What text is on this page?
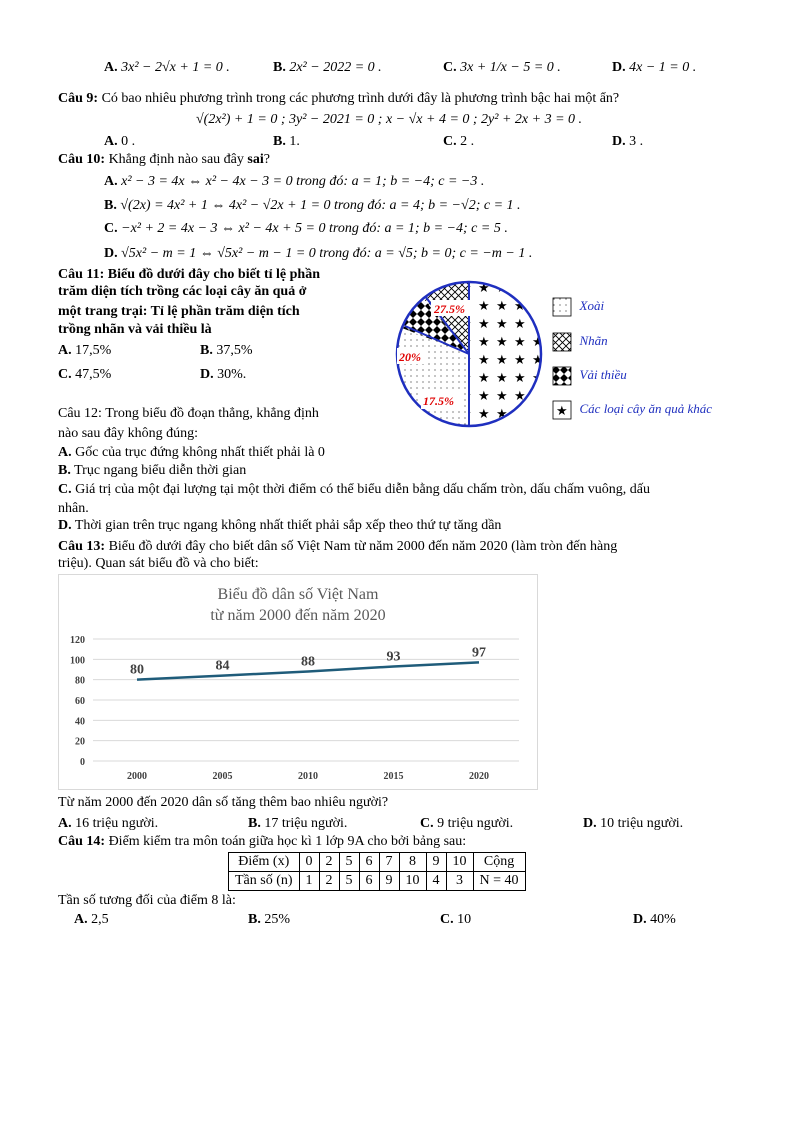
A. 3x² − 2√x + 1 = 0 .	B. 2x² − 2022 = 0 .	C. 3x + 1/x − 5 = 0 .	D. 4x − 1 = 0 .
Câu 9: Có bao nhiêu phương trình trong các phương trình dưới đây là phương trình bậc hai một ẩn?
√(2x²) + 1 = 0 ; 3y² − 2021 = 0 ; x − √x + 4 = 0 ; 2y² + 2x + 3 = 0 .
A. 0 .	B. 1.	C. 2 .	D. 3 .
Câu 10: Khẳng định nào sau đây sai?
A. x² − 3 = 4x ⇔ x² − 4x − 3 = 0 trong đó: a = 1; b = −4; c = −3 .
B. √(2x) = 4x² + 1 ⇔ 4x² − √2x + 1 = 0 trong đó: a = 4; b = −√2; c = 1 .
C. −x² + 2 = 4x − 3 ⇔ x² − 4x + 5 = 0 trong đó: a = 1; b = −4; c = 5 .
D. √5x² − m = 1 ⇔ √5x² − m − 1 = 0 trong đó: a = √5; b = 0; c = −m − 1 .
Câu 11: Biểu đồ dưới đây cho biết tỉ lệ phần
trăm diện tích trồng các loại cây ăn quả ở
một trang trại: Tỉ lệ phần trăm diện tích
trồng nhãn và vải thiều là
A. 17,5%	B. 37,5%
C. 47,5%	D. 30%.
27.5%
20%
17.5%
Xoài
Nhãn
Vải thiều
★ Các loại cây ăn quả khác
Câu 12: Trong biểu đồ đoạn thẳng, khẳng định
nào sau đây không đúng:
A. Gốc của trục đứng không nhất thiết phải là 0
B. Trục ngang biểu diễn thời gian
C. Giá trị của một đại lượng tại một thời điểm có thể biểu diễn bằng dấu chấm tròn, dấu chấm vuông, dấu
nhân.
D. Thời gian trên trục ngang không nhất thiết phải sắp xếp theo thứ tự tăng dần
Câu 13: Biểu đồ dưới đây cho biết dân số Việt Nam từ năm 2000 đến năm 2020 (làm tròn đến hàng
triệu). Quan sát biểu đồ và cho biết:
Biểu đồ dân số Việt Nam
từ năm 2000 đến năm 2020
0
20
40
60
80
100
120
2000	2005	2010	2015	2020
80	84	88	93	97
Từ năm 2000 đến 2020 dân số tăng thêm bao nhiêu người?
A. 16 triệu người.	B. 17 triệu người.	C. 9 triệu người.	D. 10 triệu người.
Câu 14: Điểm kiểm tra môn toán giữa học kì 1 lớp 9A cho bởi bảng sau:
Điểm (x)	0	2	5	6	7	8	9	10	Cộng
Tần số (n)	1	2	5	6	9	10	4	3	N = 40
Tần số tương đối của điểm 8 là:
A. 2,5	B. 25%	C. 10	D. 40%
